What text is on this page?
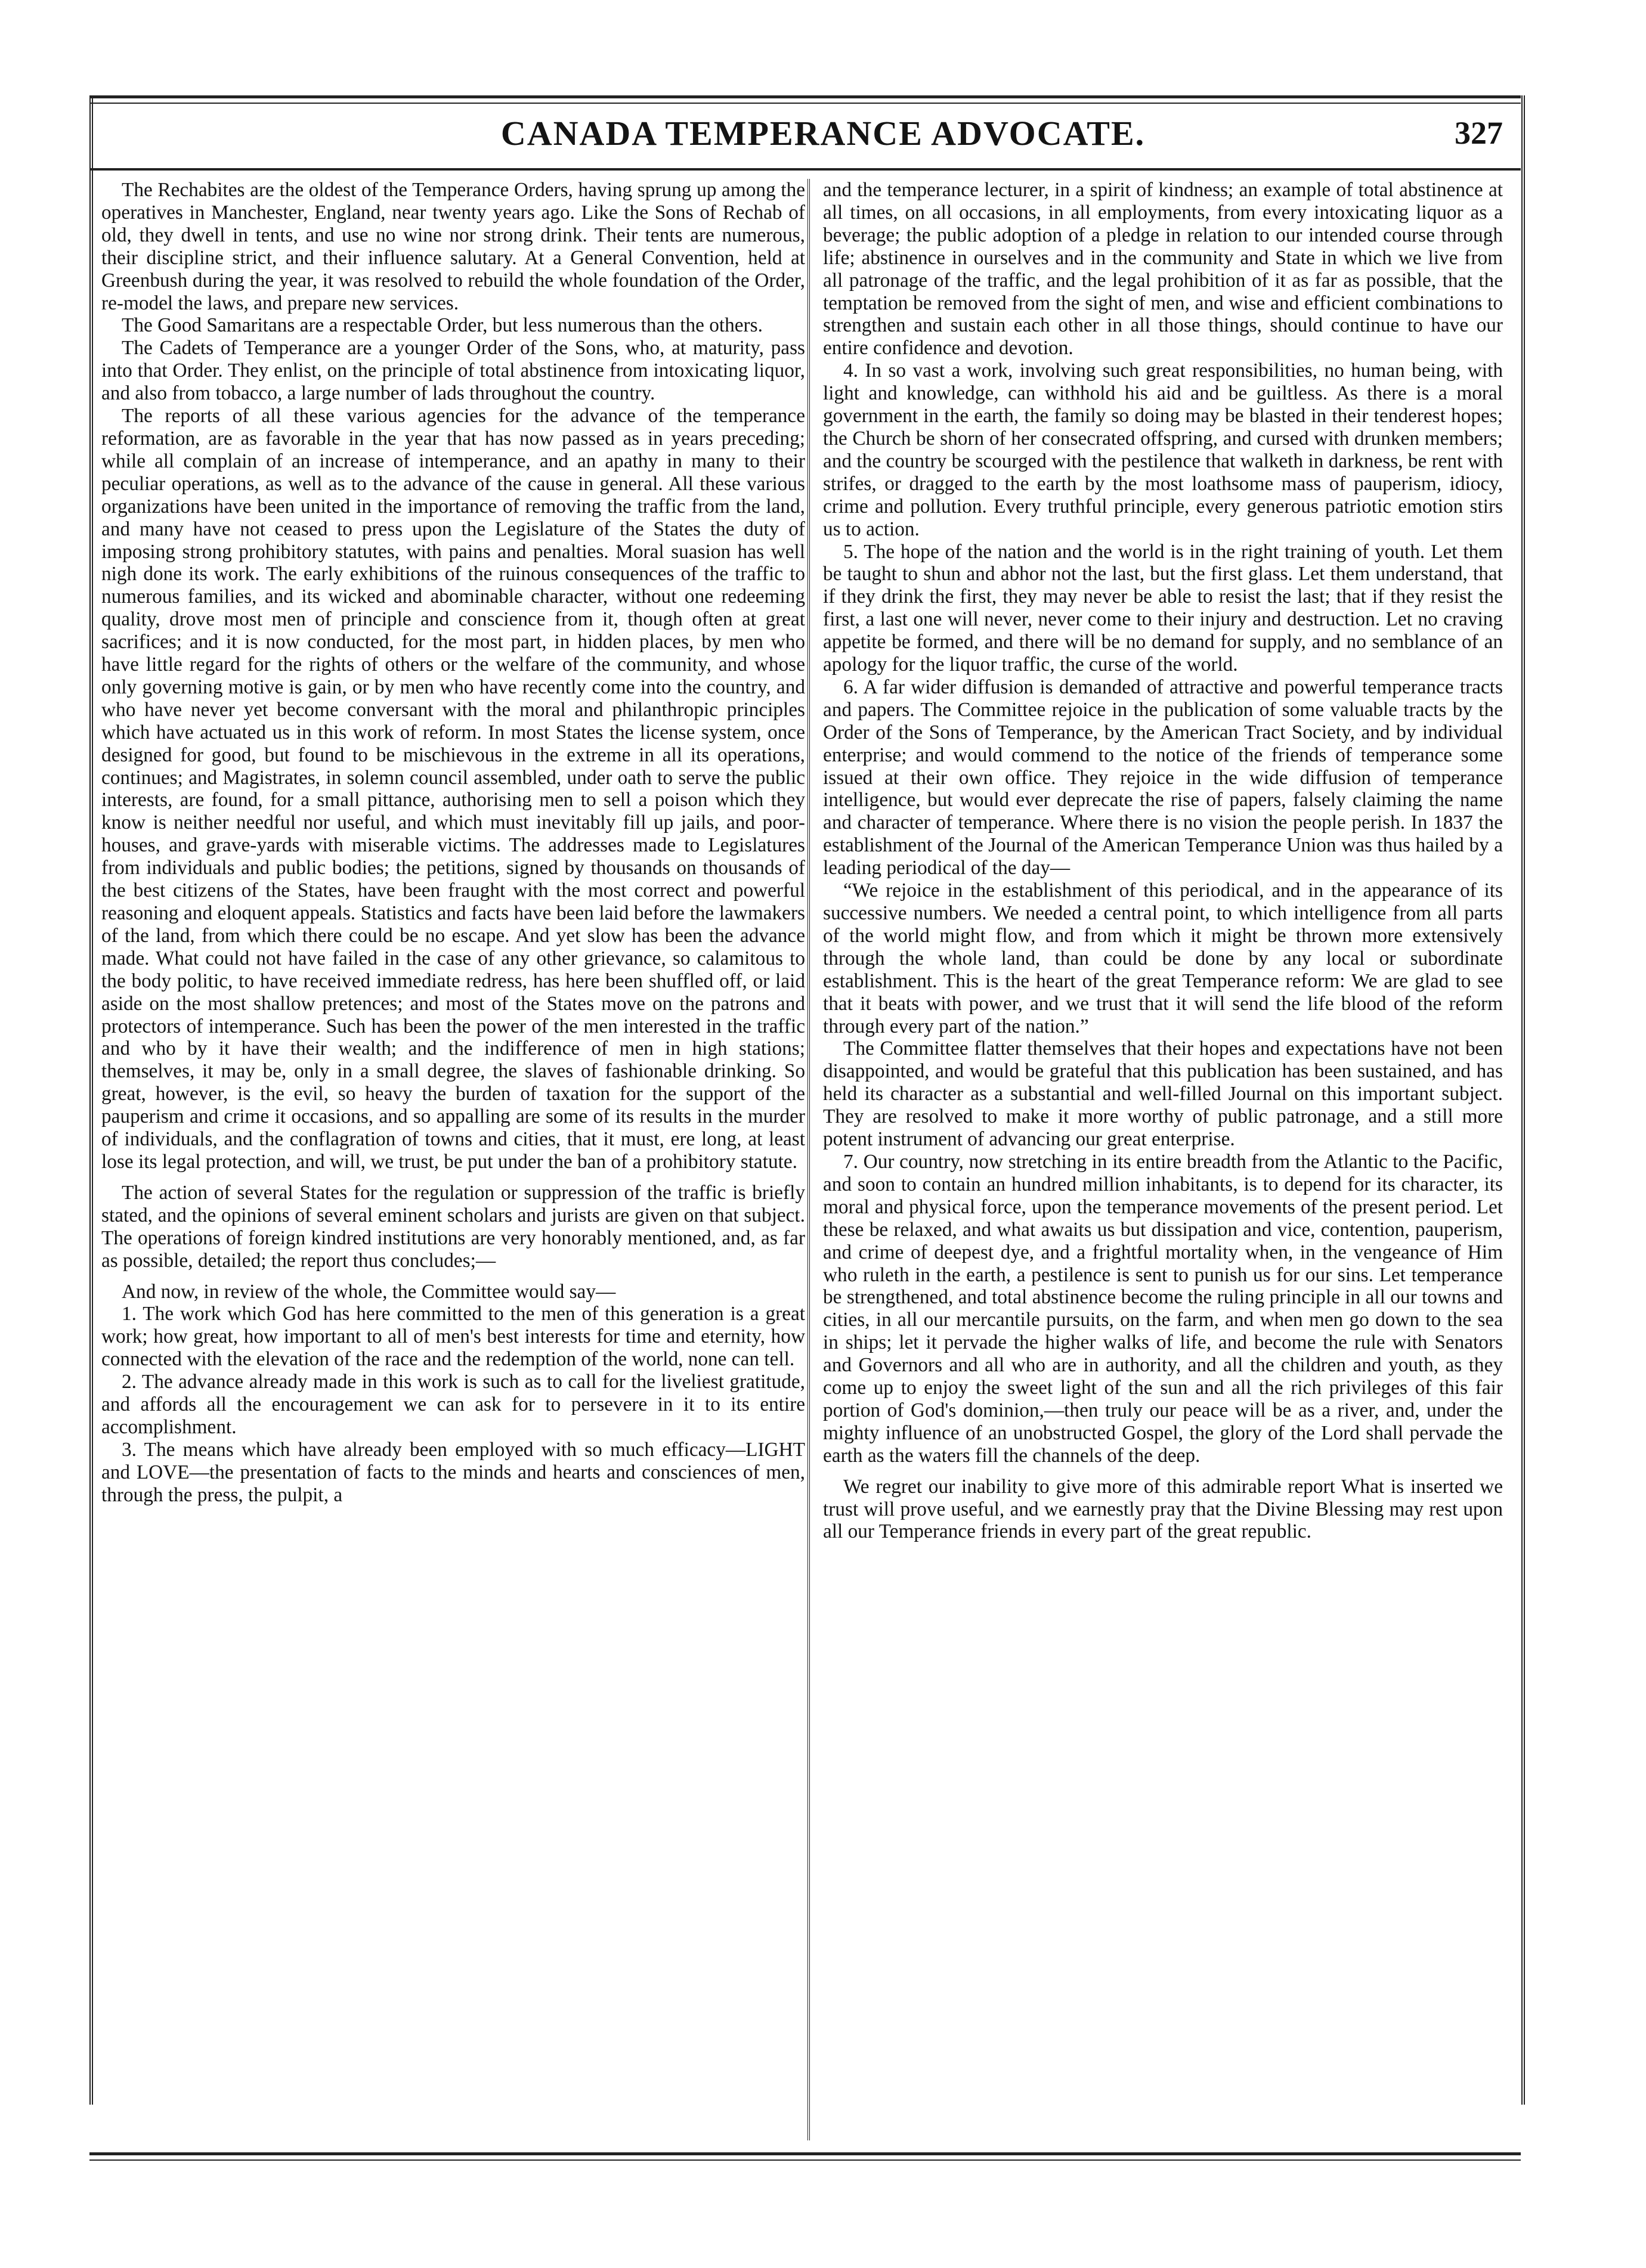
CANADA TEMPERANCE ADVOCATE.	327

The Rechabites are the oldest of the Temperance Orders, having sprung up among the operatives in Manchester, England, near twenty years ago. Like the Sons of Rechab of old, they dwell in tents, and use no wine nor strong drink. Their tents are numerous, their discipline strict, and their influence salutary. At a General Convention, held at Greenbush during the year, it was resolved to rebuild the whole foundation of the Order, re-model the laws, and prepare new services.

The Good Samaritans are a respectable Order, but less numerous than the others.

The Cadets of Temperance are a younger Order of the Sons, who, at maturity, pass into that Order. They enlist, on the principle of total abstinence from intoxicating liquor, and also from tobacco, a large number of lads throughout the country.

The reports of all these various agencies for the advance of the temperance reformation, are as favorable in the year that has now passed as in years preceding; while all complain of an increase of intemperance, and an apathy in many to their peculiar operations, as well as to the advance of the cause in general. All these various organizations have been united in the importance of removing the traffic from the land, and many have not ceased to press upon the Legislature of the States the duty of imposing strong prohibitory statutes, with pains and penalties. Moral suasion has well nigh done its work. The early exhibitions of the ruinous consequences of the traffic to numerous families, and its wicked and abominable character, without one redeeming quality, drove most men of principle and conscience from it, though often at great sacrifices; and it is now conducted, for the most part, in hidden places, by men who have little regard for the rights of others or the welfare of the community, and whose only governing motive is gain, or by men who have recently come into the country, and who have never yet become conversant with the moral and philanthropic principles which have actuated us in this work of reform. In most States the license system, once designed for good, but found to be mischievous in the extreme in all its operations, continues; and Magistrates, in solemn council assembled, under oath to serve the public interests, are found, for a small pittance, authorising men to sell a poison which they know is neither needful nor useful, and which must inevitably fill up jails, and poor-houses, and grave-yards with miserable victims. The addresses made to Legislatures from individuals and public bodies; the petitions, signed by thousands on thousands of the best citizens of the States, have been fraught with the most correct and powerful reasoning and eloquent appeals. Statistics and facts have been laid before the lawmakers of the land, from which there could be no escape. And yet slow has been the advance made. What could not have failed in the case of any other grievance, so calamitous to the body politic, to have received immediate redress, has here been shuffled off, or laid aside on the most shallow pretences; and most of the States move on the patrons and protectors of intemperance. Such has been the power of the men interested in the traffic and who by it have their wealth; and the indifference of men in high stations; themselves, it may be, only in a small degree, the slaves of fashionable drinking. So great, however, is the evil, so heavy the burden of taxation for the support of the pauperism and crime it occasions, and so appalling are some of its results in the murder of individuals, and the conflagration of towns and cities, that it must, ere long, at least lose its legal protection, and will, we trust, be put under the ban of a prohibitory statute.

The action of several States for the regulation or suppression of the traffic is briefly stated, and the opinions of several eminent scholars and jurists are given on that subject. The operations of foreign kindred institutions are very honorably mentioned, and, as far as possible, detailed; the report thus concludes;—

And now, in review of the whole, the Committee would say—

1. The work which God has here committed to the men of this generation is a great work; how great, how important to all of men's best interests for time and eternity, how connected with the elevation of the race and the redemption of the world, none can tell.

2. The advance already made in this work is such as to call for the liveliest gratitude, and affords all the encouragement we can ask for to persevere in it to its entire accomplishment.

3. The means which have already been employed with so much efficacy—LIGHT and LOVE—the presentation of facts to the minds and hearts and consciences of men, through the press, the pulpit, a

and the temperance lecturer, in a spirit of kindness; an example of total abstinence at all times, on all occasions, in all employments, from every intoxicating liquor as a beverage; the public adoption of a pledge in relation to our intended course through life; abstinence in ourselves and in the community and State in which we live from all patronage of the traffic, and the legal prohibition of it as far as possible, that the temptation be removed from the sight of men, and wise and efficient combinations to strengthen and sustain each other in all those things, should continue to have our entire confidence and devotion.

4. In so vast a work, involving such great responsibilities, no human being, with light and knowledge, can withhold his aid and be guiltless. As there is a moral government in the earth, the family so doing may be blasted in their tenderest hopes; the Church be shorn of her consecrated offspring, and cursed with drunken members; and the country be scourged with the pestilence that walketh in darkness, be rent with strifes, or dragged to the earth by the most loathsome mass of pauperism, idiocy, crime and pollution. Every truthful principle, every generous patriotic emotion stirs us to action.

5. The hope of the nation and the world is in the right training of youth. Let them be taught to shun and abhor not the last, but the first glass. Let them understand, that if they drink the first, they may never be able to resist the last; that if they resist the first, a last one will never, never come to their injury and destruction. Let no craving appetite be formed, and there will be no demand for supply, and no semblance of an apology for the liquor traffic, the curse of the world.

6. A far wider diffusion is demanded of attractive and powerful temperance tracts and papers. The Committee rejoice in the publication of some valuable tracts by the Order of the Sons of Temperance, by the American Tract Society, and by individual enterprise; and would commend to the notice of the friends of temperance some issued at their own office. They rejoice in the wide diffusion of temperance intelligence, but would ever deprecate the rise of papers, falsely claiming the name and character of temperance. Where there is no vision the people perish. In 1837 the establishment of the Journal of the American Temperance Union was thus hailed by a leading periodical of the day—

“We rejoice in the establishment of this periodical, and in the appearance of its successive numbers. We needed a central point, to which intelligence from all parts of the world might flow, and from which it might be thrown more extensively through the whole land, than could be done by any local or subordinate establishment. This is the heart of the great Temperance reform: We are glad to see that it beats with power, and we trust that it will send the life blood of the reform through every part of the nation.”

The Committee flatter themselves that their hopes and expectations have not been disappointed, and would be grateful that this publication has been sustained, and has held its character as a substantial and well-filled Journal on this important subject. They are resolved to make it more worthy of public patronage, and a still more potent instrument of advancing our great enterprise.

7. Our country, now stretching in its entire breadth from the Atlantic to the Pacific, and soon to contain an hundred million inhabitants, is to depend for its character, its moral and physical force, upon the temperance movements of the present period. Let these be relaxed, and what awaits us but dissipation and vice, contention, pauperism, and crime of deepest dye, and a frightful mortality when, in the vengeance of Him who ruleth in the earth, a pestilence is sent to punish us for our sins. Let temperance be strengthened, and total abstinence become the ruling principle in all our towns and cities, in all our mercantile pursuits, on the farm, and when men go down to the sea in ships; let it pervade the higher walks of life, and become the rule with Senators and Governors and all who are in authority, and all the children and youth, as they come up to enjoy the sweet light of the sun and all the rich privileges of this fair portion of God's dominion,—then truly our peace will be as a river, and, under the mighty influence of an unobstructed Gospel, the glory of the Lord shall pervade the earth as the waters fill the channels of the deep.

We regret our inability to give more of this admirable report What is inserted we trust will prove useful, and we earnestly pray that the Divine Blessing may rest upon all our Temperance friends in every part of the great republic.
